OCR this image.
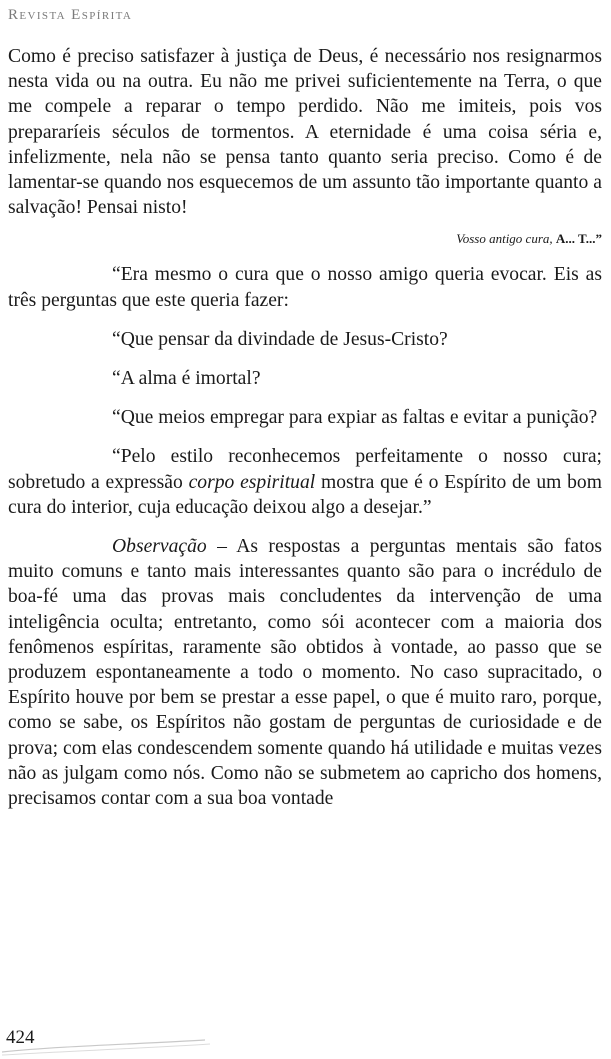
Revista Espírita

Como é preciso satisfazer à justiça de Deus, é necessário nos resignarmos nesta vida ou na outra. Eu não me privei suficientemente na Terra, o que me compele a reparar o tempo perdido. Não me imiteis, pois vos prepararíeis séculos de tormentos. A eternidade é uma coisa séria e, infelizmente, nela não se pensa tanto quanto seria preciso. Como é de lamentar-se quando nos esquecemos de um assunto tão importante quanto a salvação! Pensai nisto!

Vosso antigo cura, A... T...”

“Era mesmo o cura que o nosso amigo queria evocar. Eis as três perguntas que este queria fazer:

“Que pensar da divindade de Jesus-Cristo?

“A alma é imortal?

“Que meios empregar para expiar as faltas e evitar a punição?

“Pelo estilo reconhecemos perfeitamente o nosso cura; sobretudo a expressão corpo espiritual mostra que é o Espírito de um bom cura do interior, cuja educação deixou algo a desejar.”

Observação – As respostas a perguntas mentais são fatos muito comuns e tanto mais interessantes quanto são para o incrédulo de boa-fé uma das provas mais concludentes da intervenção de uma inteligência oculta; entretanto, como sói acontecer com a maioria dos fenômenos espíritas, raramente são obtidos à vontade, ao passo que se produzem espontaneamente a todo o momento. No caso supracitado, o Espírito houve por bem se prestar a esse papel, o que é muito raro, porque, como se sabe, os Espíritos não gostam de perguntas de curiosidade e de prova; com elas condescendem somente quando há utilidade e muitas vezes não as julgam como nós. Como não se submetem ao capricho dos homens, precisamos contar com a sua boa vontade

424
